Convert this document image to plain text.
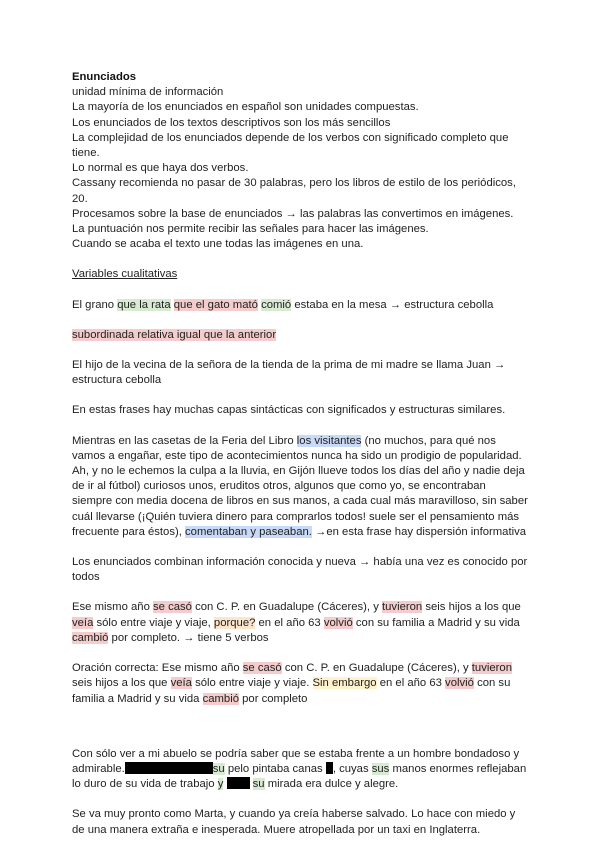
Enunciados

unidad mínima de información

La mayoría de los enunciados en español son unidades compuestas.

Los enunciados de los textos descriptivos son los más sencillos

La complejidad de los enunciados depende de los verbos con significado completo que tiene.

Lo normal es que haya dos verbos.

Cassany recomienda no pasar de 30 palabras, pero los libros de estilo de los periódicos, 20.

Procesamos sobre la base de enunciados → las palabras las convertimos en imágenes. La puntuación nos permite recibir las señales para hacer las imágenes.

Cuando se acaba el texto une todas las imágenes en una.

Variables cualitativas

El grano que la rata que el gato mató comió estaba en la mesa → estructura cebolla

subordinada relativa igual que la anterior

El hijo de la vecina de la señora de la tienda de la prima de mi madre se llama Juan → estructura cebolla

En estas frases hay muchas capas sintácticas con significados y estructuras similares.

Mientras en las casetas de la Feria del Libro los visitantes (no muchos, para qué nos vamos a engañar, este tipo de acontecimientos nunca ha sido un prodigio de popularidad. Ah, y no le echemos la culpa a la lluvia, en Gijón llueve todos los días del año y nadie deja de ir al fútbol) curiosos unos, eruditos otros, algunos que como yo, se encontraban siempre con media docena de libros en sus manos, a cada cual más maravilloso, sin saber cuál llevarse (¡Quién tuviera dinero para comprarlos todos! suele ser el pensamiento más frecuente para éstos), comentaban y paseaban. →en esta frase hay dispersión informativa

Los enunciados combinan información conocida y nueva → había una vez es conocido por todos

Ese mismo año se casó con C. P. en Guadalupe (Cáceres), y tuvieron seis hijos a los que veía sólo entre viaje y viaje, porque? en el año 63 volvió con su familia a Madrid y su vida cambió por completo. → tiene 5 verbos

Oración correcta: Ese mismo año se casó con C. P. en Guadalupe (Cáceres), y tuvieron seis hijos a los que veía sólo entre viaje y viaje. Sin embargo en el año 63 volvió con su familia a Madrid y su vida cambió por completo

Con sólo ver a mi abuelo se podría saber que se estaba frente a un hombre bondadoso y admirable.	su pelo pintaba canas , cuyas sus manos enormes reflejaban lo duro de su vida de trabajo y	su mirada era dulce y alegre.

Se va muy pronto como Marta, y cuando ya creía haberse salvado. Lo hace con miedo y de una manera extraña e inesperada. Muere atropellada por un taxi en Inglaterra.
